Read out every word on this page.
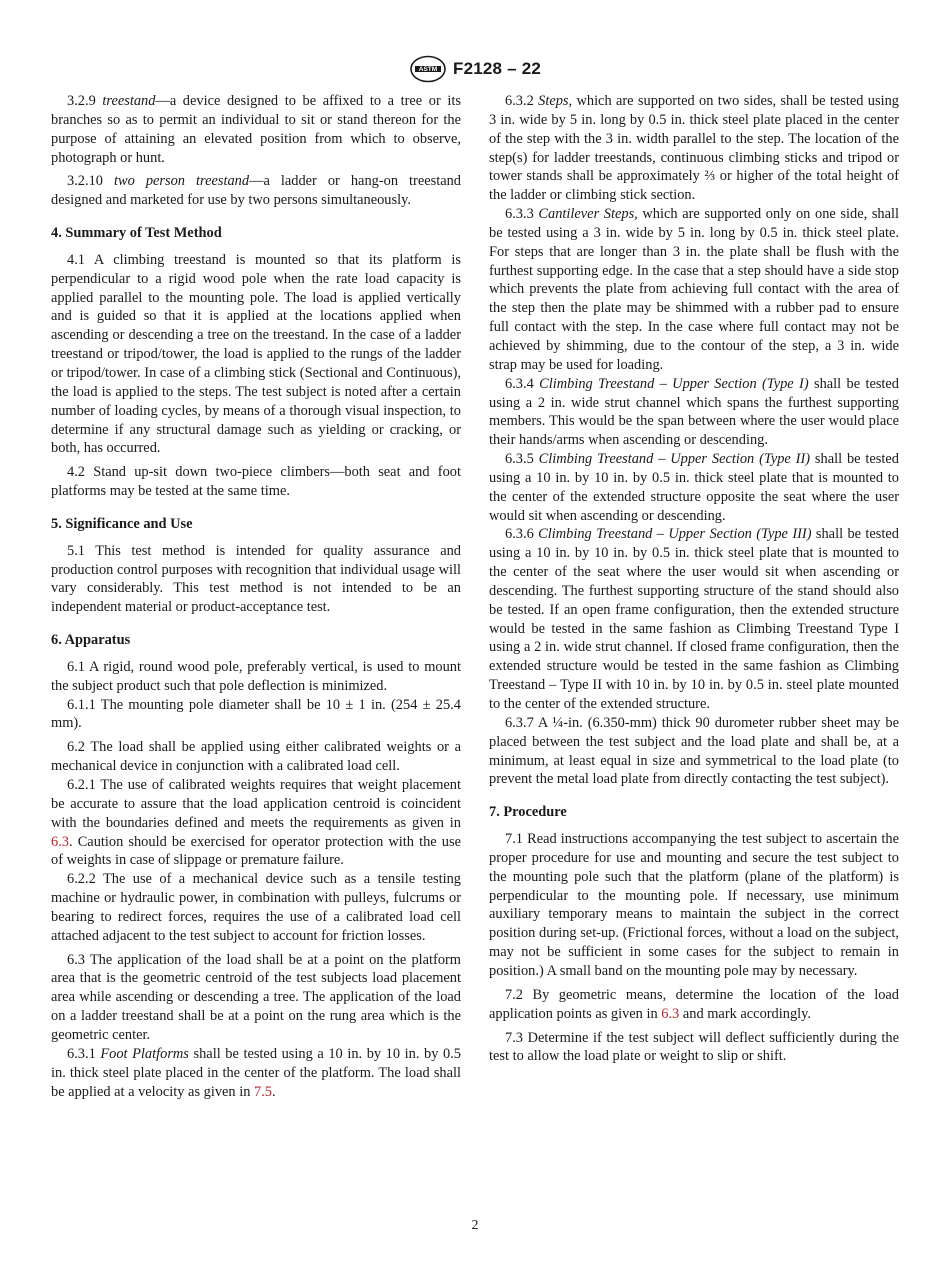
ASTM F2128 – 22

3.2.9 treestand—a device designed to be affixed to a tree or its branches so as to permit an individual to sit or stand thereon for the purpose of attaining an elevated position from which to observe, photograph or hunt.

3.2.10 two person treestand—a ladder or hang-on treestand designed and marketed for use by two persons simultaneously.

4. Summary of Test Method

4.1 A climbing treestand is mounted so that its platform is perpendicular to a rigid wood pole when the rate load capacity is applied parallel to the mounting pole. The load is applied vertically and is guided so that it is applied at the locations applied when ascending or descending a tree on the treestand. In the case of a ladder treestand or tripod/tower, the load is applied to the rungs of the ladder or tripod/tower. In case of a climbing stick (Sectional and Continuous), the load is applied to the steps. The test subject is noted after a certain number of loading cycles, by means of a thorough visual inspection, to determine if any structural damage such as yielding or cracking, or both, has occurred.

4.2 Stand up-sit down two-piece climbers—both seat and foot platforms may be tested at the same time.

5. Significance and Use

5.1 This test method is intended for quality assurance and production control purposes with recognition that individual usage will vary considerably. This test method is not intended to be an independent material or product-acceptance test.

6. Apparatus

6.1 A rigid, round wood pole, preferably vertical, is used to mount the subject product such that pole deflection is minimized.

6.1.1 The mounting pole diameter shall be 10 ± 1 in. (254 ± 25.4 mm).

6.2 The load shall be applied using either calibrated weights or a mechanical device in conjunction with a calibrated load cell.

6.2.1 The use of calibrated weights requires that weight placement be accurate to assure that the load application centroid is coincident with the boundaries defined and meets the requirements as given in 6.3. Caution should be exercised for operator protection with the use of weights in case of slippage or premature failure.

6.2.2 The use of a mechanical device such as a tensile testing machine or hydraulic power, in combination with pulleys, fulcrums or bearing to redirect forces, requires the use of a calibrated load cell attached adjacent to the test subject to account for friction losses.

6.3 The application of the load shall be at a point on the platform area that is the geometric centroid of the test subjects load placement area while ascending or descending a tree. The application of the load on a ladder treestand shall be at a point on the rung area which is the geometric center.

6.3.1 Foot Platforms shall be tested using a 10 in. by 10 in. by 0.5 in. thick steel plate placed in the center of the platform. The load shall be applied at a velocity as given in 7.5.

6.3.2 Steps, which are supported on two sides, shall be tested using 3 in. wide by 5 in. long by 0.5 in. thick steel plate placed in the center of the step with the 3 in. width parallel to the step. The location of the step(s) for ladder treestands, continuous climbing sticks and tripod or tower stands shall be approximately ⅔ or higher of the total height of the ladder or climbing stick section.

6.3.3 Cantilever Steps, which are supported only on one side, shall be tested using a 3 in. wide by 5 in. long by 0.5 in. thick steel plate. For steps that are longer than 3 in. the plate shall be flush with the furthest supporting edge. In the case that a step should have a side stop which prevents the plate from achieving full contact with the area of the step then the plate may be shimmed with a rubber pad to ensure full contact with the step. In the case where full contact may not be achieved by shimming, due to the contour of the step, a 3 in. wide strap may be used for loading.

6.3.4 Climbing Treestand – Upper Section (Type I) shall be tested using a 2 in. wide strut channel which spans the furthest supporting members. This would be the span between where the user would place their hands/arms when ascending or descending.

6.3.5 Climbing Treestand – Upper Section (Type II) shall be tested using a 10 in. by 10 in. by 0.5 in. thick steel plate that is mounted to the center of the extended structure opposite the seat where the user would sit when ascending or descending.

6.3.6 Climbing Treestand – Upper Section (Type III) shall be tested using a 10 in. by 10 in. by 0.5 in. thick steel plate that is mounted to the center of the seat where the user would sit when ascending or descending. The furthest supporting structure of the stand should also be tested. If an open frame configuration, then the extended structure would be tested in the same fashion as Climbing Treestand Type I using a 2 in. wide strut channel. If closed frame configuration, then the extended structure would be tested in the same fashion as Climbing Treestand – Type II with 10 in. by 10 in. by 0.5 in. steel plate mounted to the center of the extended structure.

6.3.7 A ¼-in. (6.350-mm) thick 90 durometer rubber sheet may be placed between the test subject and the load plate and shall be, at a minimum, at least equal in size and symmetrical to the load plate (to prevent the metal load plate from directly contacting the test subject).

7. Procedure

7.1 Read instructions accompanying the test subject to ascertain the proper procedure for use and mounting and secure the test subject to the mounting pole such that the platform (plane of the platform) is perpendicular to the mounting pole. If necessary, use minimum auxiliary temporary means to maintain the subject in the correct position during set-up. (Frictional forces, without a load on the subject, may not be sufficient in some cases for the subject to remain in position.) A small band on the mounting pole may by necessary.

7.2 By geometric means, determine the location of the load application points as given in 6.3 and mark accordingly.

7.3 Determine if the test subject will deflect sufficiently during the test to allow the load plate or weight to slip or shift.

2
